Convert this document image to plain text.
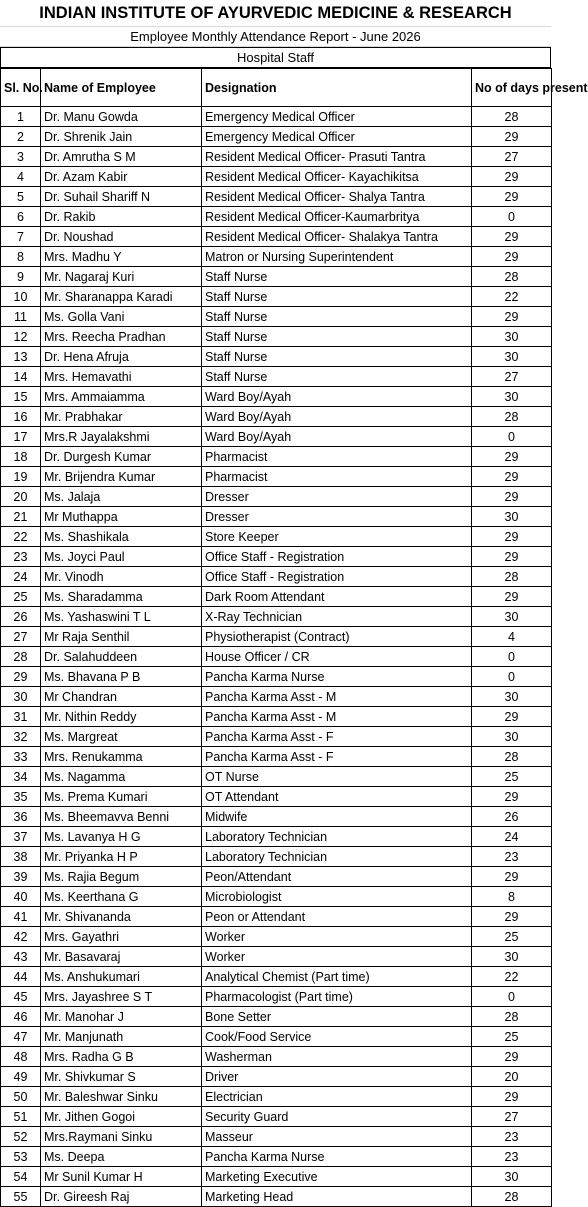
INDIAN INSTITUTE OF AYURVEDIC MEDICINE & RESEARCH
Employee Monthly Attendance Report - June 2026
Hospital Staff
Sl. No.	Name of Employee	Designation	No of days present
1	Dr. Manu Gowda	Emergency Medical Officer	28
2	Dr. Shrenik Jain	Emergency Medical Officer	29
3	Dr. Amrutha S M	Resident Medical Officer- Prasuti Tantra	27
4	Dr. Azam Kabir	Resident Medical Officer- Kayachikitsa	29
5	Dr. Suhail Shariff N	Resident Medical Officer- Shalya Tantra	29
6	Dr. Rakib	Resident Medical Officer-Kaumarbritya	0
7	Dr. Noushad	Resident Medical Officer- Shalakya Tantra	29
8	Mrs. Madhu Y	Matron or Nursing Superintendent	29
9	Mr. Nagaraj Kuri	Staff Nurse	28
10	Mr. Sharanappa Karadi	Staff Nurse	22
11	Ms. Golla Vani	Staff Nurse	29
12	Mrs. Reecha Pradhan	Staff Nurse	30
13	Dr. Hena Afruja	Staff Nurse	30
14	Mrs. Hemavathi	Staff Nurse	27
15	Mrs. Ammaiamma	Ward Boy/Ayah	30
16	Mr. Prabhakar	Ward Boy/Ayah	28
17	Mrs.R Jayalakshmi	Ward Boy/Ayah	0
18	Dr. Durgesh Kumar	Pharmacist	29
19	Mr. Brijendra Kumar	Pharmacist	29
20	Ms. Jalaja	Dresser	29
21	Mr Muthappa	Dresser	30
22	Ms. Shashikala	Store Keeper	29
23	Ms. Joyci Paul	Office Staff - Registration	29
24	Mr. Vinodh	Office Staff - Registration	28
25	Ms. Sharadamma	Dark Room Attendant	29
26	Ms. Yashaswini T L	X-Ray Technician	30
27	Mr Raja Senthil	Physiotherapist (Contract)	4
28	Dr. Salahuddeen	House Officer / CR	0
29	Ms. Bhavana P B	Pancha Karma Nurse	0
30	Mr Chandran	Pancha Karma Asst - M	30
31	Mr. Nithin Reddy	Pancha Karma Asst - M	29
32	Ms. Margreat	Pancha Karma Asst - F	30
33	Mrs. Renukamma	Pancha Karma Asst - F	28
34	Ms. Nagamma	OT Nurse	25
35	Ms. Prema Kumari	OT Attendant	29
36	Ms. Bheemavva Benni	Midwife	26
37	Ms. Lavanya H G	Laboratory Technician	24
38	Mr. Priyanka H P	Laboratory Technician	23
39	Ms. Rajia Begum	Peon/Attendant	29
40	Ms. Keerthana G	Microbiologist	8
41	Mr. Shivananda	Peon or Attendant	29
42	Mrs. Gayathri	Worker	25
43	Mr. Basavaraj	Worker	30
44	Ms. Anshukumari	Analytical Chemist (Part time)	22
45	Mrs. Jayashree S T	Pharmacologist (Part time)	0
46	Mr. Manohar J	Bone Setter	28
47	Mr. Manjunath	Cook/Food Service	25
48	Mrs. Radha G B	Washerman	29
49	Mr. Shivkumar S	Driver	20
50	Mr. Baleshwar Sinku	Electrician	29
51	Mr. Jithen Gogoi	Security Guard	27
52	Mrs.Raymani Sinku	Masseur	23
53	Ms. Deepa	Pancha Karma Nurse	23
54	Mr Sunil Kumar H	Marketing Executive	30
55	Dr. Gireesh Raj	Marketing Head	28
